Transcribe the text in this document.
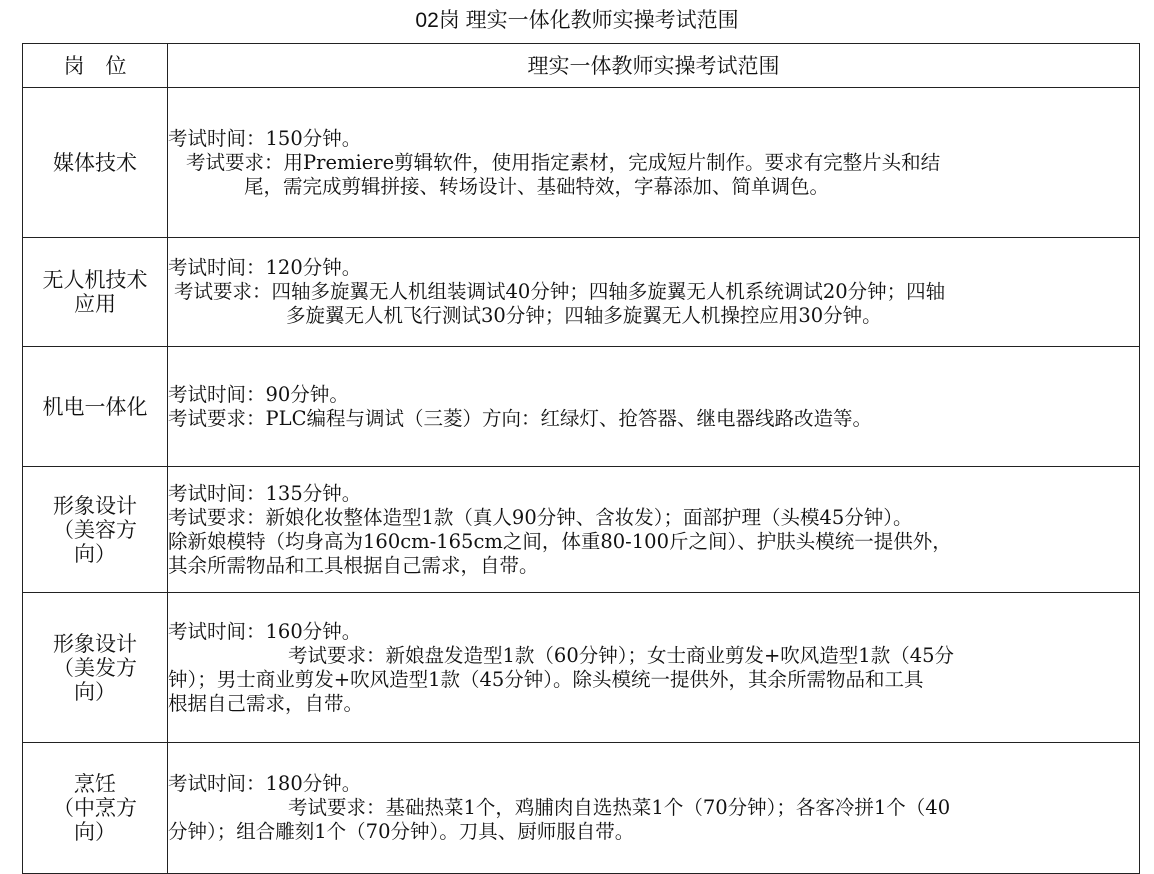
02岗 理实一体化教师实操考试范围
岗　位	理实一体教师实操考试范围

媒体技术	考试时间：150分钟。
考试要求：用Premiere剪辑软件，使用指定素材，完成短片制作。要求有完整片头和结
尾，需完成剪辑拼接、转场设计、基础特效，字幕添加、简单调色。

无人机技术
应用	考试时间：120分钟。
考试要求：四轴多旋翼无人机组装调试40分钟；四轴多旋翼无人机系统调试20分钟；四轴
多旋翼无人机飞行测试30分钟；四轴多旋翼无人机操控应用30分钟。

机电一体化	考试时间：90分钟。
考试要求：PLC编程与调试（三菱）方向：红绿灯、抢答器、继电器线路改造等。

形象设计
（美容方
向）	考试时间：135分钟。
考试要求：新娘化妆整体造型1款（真人90分钟、含妆发）；面部护理（头模45分钟）。
除新娘模特（均身高为160cm-165cm之间，体重80-100斤之间）、护肤头模统一提供外，
其余所需物品和工具根据自己需求，自带。

形象设计
（美发方
向）	考试时间：160分钟。
考试要求：新娘盘发造型1款（60分钟）；女士商业剪发+吹风造型1款（45分
钟）；男士商业剪发+吹风造型1款（45分钟）。除头模统一提供外，其余所需物品和工具
根据自己需求，自带。

烹饪
（中烹方
向）	考试时间：180分钟。
考试要求：基础热菜1个，鸡脯肉自选热菜1个（70分钟）；各客冷拼1个（40
分钟）；组合雕刻1个（70分钟）。刀具、厨师服自带。
